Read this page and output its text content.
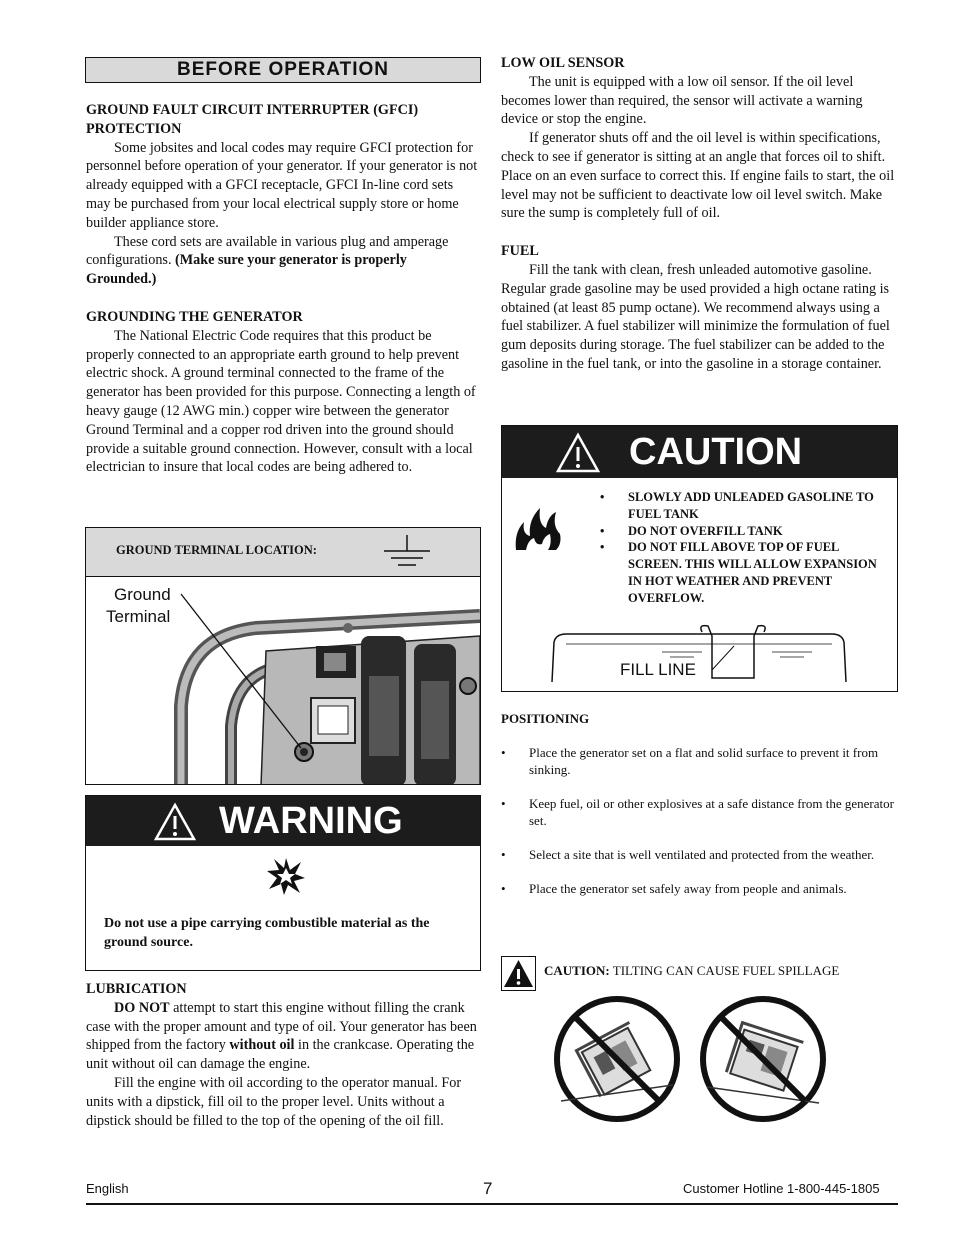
BEFORE OPERATION

GROUND FAULT CIRCUIT INTERRUPTER (GFCI)

PROTECTION

Some jobsites and local codes may require GFCI protection for personnel before operation of your generator. If your generator is not already equipped with a GFCI receptacle, GFCI In-line cord sets may be purchased from your local electrical supply store or home builder appliance store.

These cord sets are available in various plug and amperage configurations. (Make sure your generator is properly Grounded.)

GROUNDING THE GENERATOR

The National Electric Code requires that this product be properly connected to an appropriate earth ground to help prevent electric shock. A ground terminal connected to the frame of the generator has been provided for this purpose. Connecting a length of heavy gauge (12 AWG min.) copper wire between the generator Ground Terminal and a copper rod driven into the ground should provide a suitable ground connection. However, consult with a local electrician to insure that local codes are being adhered to.

GROUND TERMINAL LOCATION:
Ground
Terminal
WARNING
Do not use a pipe carrying combustible material as the ground source.

LUBRICATION

DO NOT attempt to start this engine without filling the crank case with the proper amount and type of oil. Your generator has been shipped from the factory without oil in the crankcase. Operating the unit without oil can damage the engine.

Fill the engine with oil according to the operator manual. For units with a dipstick, fill oil to the proper level. Units without a dipstick should be filled to the top of the opening of the oil fill.

LOW OIL SENSOR

The unit is equipped with a low oil sensor. If the oil level becomes lower than required, the sensor will activate a warning device or stop the engine.

If generator shuts off and the oil level is within specifications, check to see if generator is sitting at an angle that forces oil to shift. Place on an even surface to correct this. If engine fails to start, the oil level may not be sufficient to deactivate low oil level switch. Make sure the sump is completely full of oil.

FUEL

Fill the tank with clean, fresh unleaded automotive gasoline. Regular grade gasoline may be used provided a high octane rating is obtained (at least 85 pump octane). We recommend always using a fuel stabilizer. A fuel stabilizer will minimize the formulation of fuel gum deposits during storage. The fuel stabilizer can be added to the gasoline in the fuel tank, or into the gasoline in a storage container.

CAUTION
• SLOWLY ADD UNLEADED GASOLINE TO FUEL TANK
• DO NOT OVERFILL TANK
• DO NOT FILL ABOVE TOP OF FUEL SCREEN. THIS WILL ALLOW EXPANSION IN HOT WEATHER AND PREVENT OVERFLOW.
FILL LINE

POSITIONING

• Place the generator set on a flat and solid surface to prevent it from sinking.
• Keep fuel, oil or other explosives at a safe distance from the generator set.
• Select a site that is well ventilated and protected from the weather.
• Place the generator set safely away from people and animals.
CAUTION: TILTING CAN CAUSE FUEL SPILLAGE
English	7	Customer Hotline 1-800-445-1805
